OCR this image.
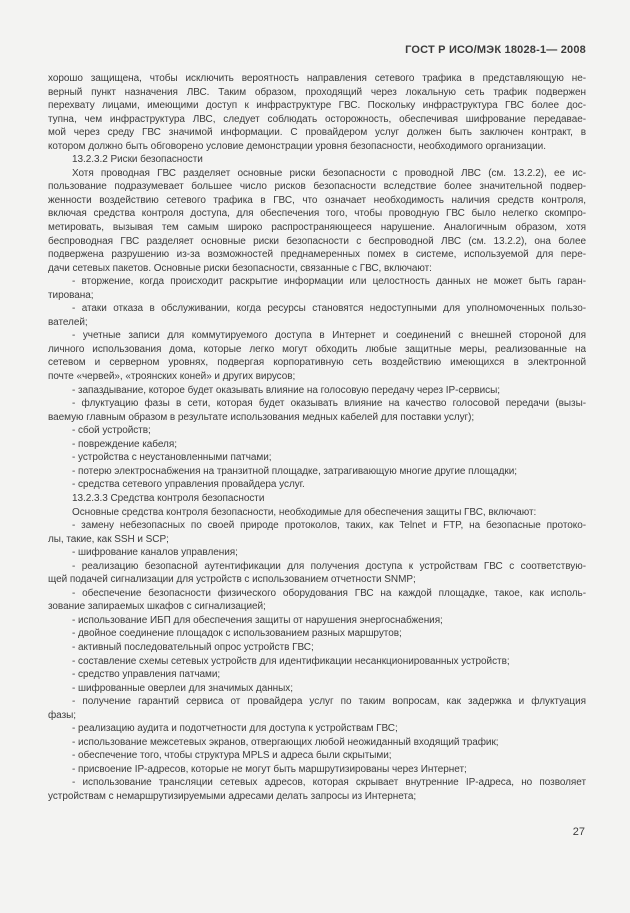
ГОСТ Р ИСО/МЭК 18028-1— 2008
хорошо защищена, чтобы исключить вероятность направления сетевого трафика в представляющую не-
верный пункт назначения ЛВС. Таким образом, проходящий через локальную сеть трафик подвержен
перехвату лицами, имеющими доступ к инфраструктуре ГВС. Поскольку инфраструктура ГВС более дос-
тупна, чем инфраструктура ЛВС, следует соблюдать осторожность, обеспечивая шифрование передавае-
мой через среду ГВС значимой информации. С провайдером услуг должен быть заключен контракт, в
котором должно быть обговорено условие демонстрации уровня безопасности, необходимого организации.
13.2.3.2 Риски безопасности
Хотя проводная ГВС разделяет основные риски безопасности с проводной ЛВС (см. 13.2.2), ее ис-
пользование подразумевает большее число рисков безопасности вследствие более значительной подвер-
женности воздействию сетевого трафика в ГВС, что означает необходимость наличия средств контроля,
включая средства контроля доступа, для обеспечения того, чтобы проводную ГВС было нелегко скомпро-
метировать, вызывая тем самым широко распространяющееся нарушение. Аналогичным образом, хотя
беспроводная ГВС разделяет основные риски безопасности с беспроводной ЛВС (см. 13.2.2), она более
подвержена разрушению из-за возможностей преднамеренных помех в системе, используемой для пере-
дачи сетевых пакетов. Основные риски безопасности, связанные с ГВС, включают:
- вторжение, когда происходит раскрытие информации или целостность данных не может быть гаран-
тирована;
- атаки отказа в обслуживании, когда ресурсы становятся недоступными для уполномоченных пользо-
вателей;
- учетные записи для коммутируемого доступа в Интернет и соединений с внешней стороной для
личного использования дома, которые легко могут обходить любые защитные меры, реализованные на
сетевом и серверном уровнях, подвергая корпоративную сеть воздействию имеющихся в электронной
почте «червей», «троянских коней» и других вирусов;
- запаздывание, которое будет оказывать влияние на голосовую передачу через IP-сервисы;
- флуктуацию фазы в сети, которая будет оказывать влияние на качество голосовой передачи (вызы-
ваемую главным образом в результате использования медных кабелей для поставки услуг);
- сбой устройств;
- повреждение кабеля;
- устройства с неустановленными патчами;
- потерю электроснабжения на транзитной площадке, затрагивающую многие другие площадки;
- средства сетевого управления провайдера услуг.
13.2.3.3 Средства контроля безопасности
Основные средства контроля безопасности, необходимые для обеспечения защиты ГВС, включают:
- замену небезопасных по своей природе протоколов, таких, как Telnet и FTP, на безопасные протоко-
лы, такие, как SSH и SCP;
- шифрование каналов управления;
- реализацию безопасной аутентификации для получения доступа к устройствам ГВС с соответствую-
щей подачей сигнализации для устройств с использованием отчетности SNMP;
- обеспечение безопасности физического оборудования ГВС на каждой площадке, такое, как исполь-
зование запираемых шкафов с сигнализацией;
- использование ИБП для обеспечения защиты от нарушения энергоснабжения;
- двойное соединение площадок с использованием разных маршрутов;
- активный последовательный опрос устройств ГВС;
- составление схемы сетевых устройств для идентификации несанкционированных устройств;
- средство управления патчами;
- шифрованные оверлеи для значимых данных;
- получение гарантий сервиса от провайдера услуг по таким вопросам, как задержка и флуктуация
фазы;
- реализацию аудита и подотчетности для доступа к устройствам ГВС;
- использование межсетевых экранов, отвергающих любой неожиданный входящий трафик;
- обеспечение того, чтобы структура MPLS и адреса были скрытыми;
- присвоение IP-адресов, которые не могут быть маршрутизированы через Интернет;
- использование трансляции сетевых адресов, которая скрывает внутренние IP-адреса, но позволяет
устройствам с немаршрутизируемыми адресами делать запросы из Интернета;
27
